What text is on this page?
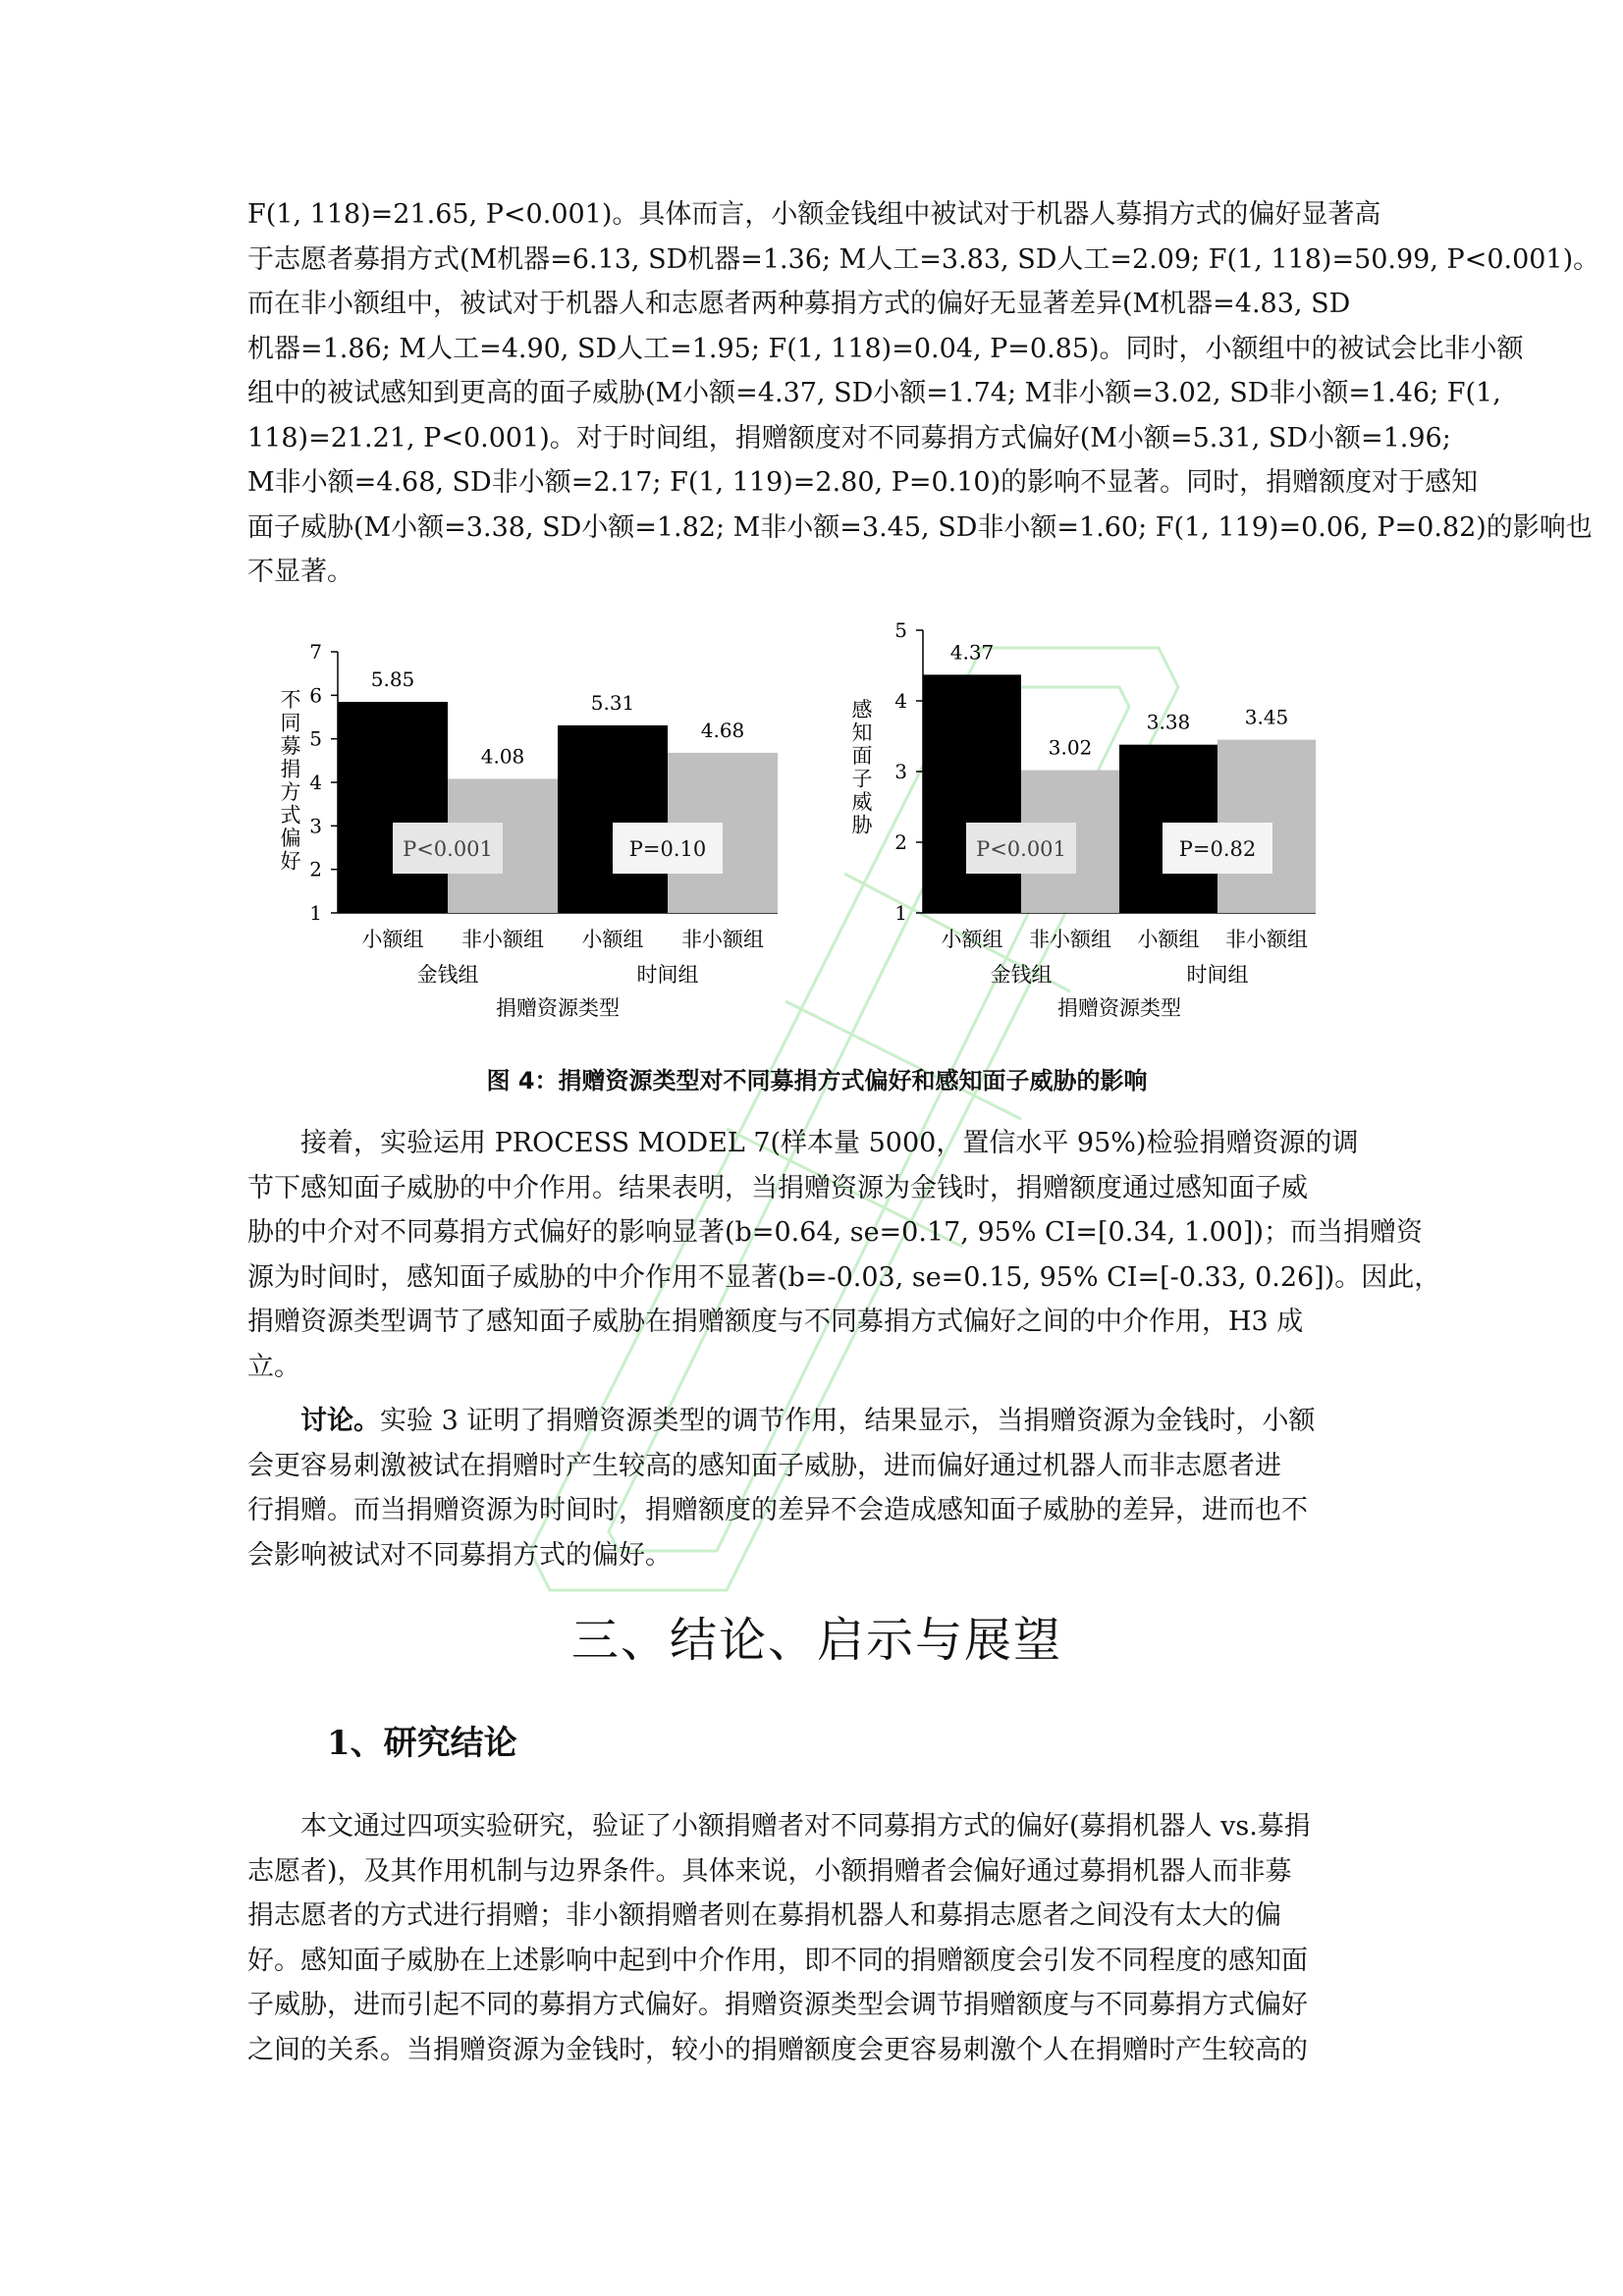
F(1, 118)=21.65, P<0.001)。具体而言，小额金钱组中被试对于机器人募捐方式的偏好显著高
于志愿者募捐方式(M机器=6.13, SD机器=1.36; M人工=3.83, SD人工=2.09; F(1, 118)=50.99, P<0.001)。
而在非小额组中，被试对于机器人和志愿者两种募捐方式的偏好无显著差异(M机器=4.83, SD
机器=1.86; M人工=4.90, SD人工=1.95; F(1, 118)=0.04, P=0.85)。同时，小额组中的被试会比非小额
组中的被试感知到更高的面子威胁(M小额=4.37, SD小额=1.74; M非小额=3.02, SD非小额=1.46; F(1,
118)=21.21, P<0.001)。对于时间组，捐赠额度对不同募捐方式偏好(M小额=5.31, SD小额=1.96;
M非小额=4.68, SD非小额=2.17; F(1, 119)=2.80, P=0.10)的影响不显著。同时，捐赠额度对于感知
面子威胁(M小额=3.38, SD小额=1.82; M非小额=3.45, SD非小额=1.60; F(1, 119)=0.06, P=0.82)的影响也
不显著。
1
2
3
4
5
6
7
5.85
小额组
4.08
非小额组
5.31
小额组
4.68
非小额组
金钱组	时间组
捐赠资源类型
P<0.001	P=0.10
不
同
募
捐
方
式
偏
好
1
2
3
4
5
4.37
小额组
3.02
非小额组
3.38
小额组
3.45
非小额组
金钱组	时间组
捐赠资源类型
P<0.001	P=0.82
感
知
面
子
威
胁
图 4：捐赠资源类型对不同募捐方式偏好和感知面子威胁的影响
接着，实验运用 PROCESS MODEL 7(样本量 5000，置信水平 95%)检验捐赠资源的调
节下感知面子威胁的中介作用。结果表明，当捐赠资源为金钱时，捐赠额度通过感知面子威
胁的中介对不同募捐方式偏好的影响显著(b=0.64, se=0.17, 95% CI=[0.34, 1.00])；而当捐赠资
源为时间时，感知面子威胁的中介作用不显著(b=-0.03, se=0.15, 95% CI=[-0.33, 0.26])。因此，
捐赠资源类型调节了感知面子威胁在捐赠额度与不同募捐方式偏好之间的中介作用，H3 成
立。
讨论。实验 3 证明了捐赠资源类型的调节作用，结果显示，当捐赠资源为金钱时，小额
会更容易刺激被试在捐赠时产生较高的感知面子威胁，进而偏好通过机器人而非志愿者进
行捐赠。而当捐赠资源为时间时，捐赠额度的差异不会造成感知面子威胁的差异，进而也不
会影响被试对不同募捐方式的偏好。
三、结论、启示与展望
1、研究结论
本文通过四项实验研究，验证了小额捐赠者对不同募捐方式的偏好(募捐机器人 vs.募捐
志愿者)，及其作用机制与边界条件。具体来说，小额捐赠者会偏好通过募捐机器人而非募
捐志愿者的方式进行捐赠；非小额捐赠者则在募捐机器人和募捐志愿者之间没有太大的偏
好。感知面子威胁在上述影响中起到中介作用，即不同的捐赠额度会引发不同程度的感知面
子威胁，进而引起不同的募捐方式偏好。捐赠资源类型会调节捐赠额度与不同募捐方式偏好
之间的关系。当捐赠资源为金钱时，较小的捐赠额度会更容易刺激个人在捐赠时产生较高的
